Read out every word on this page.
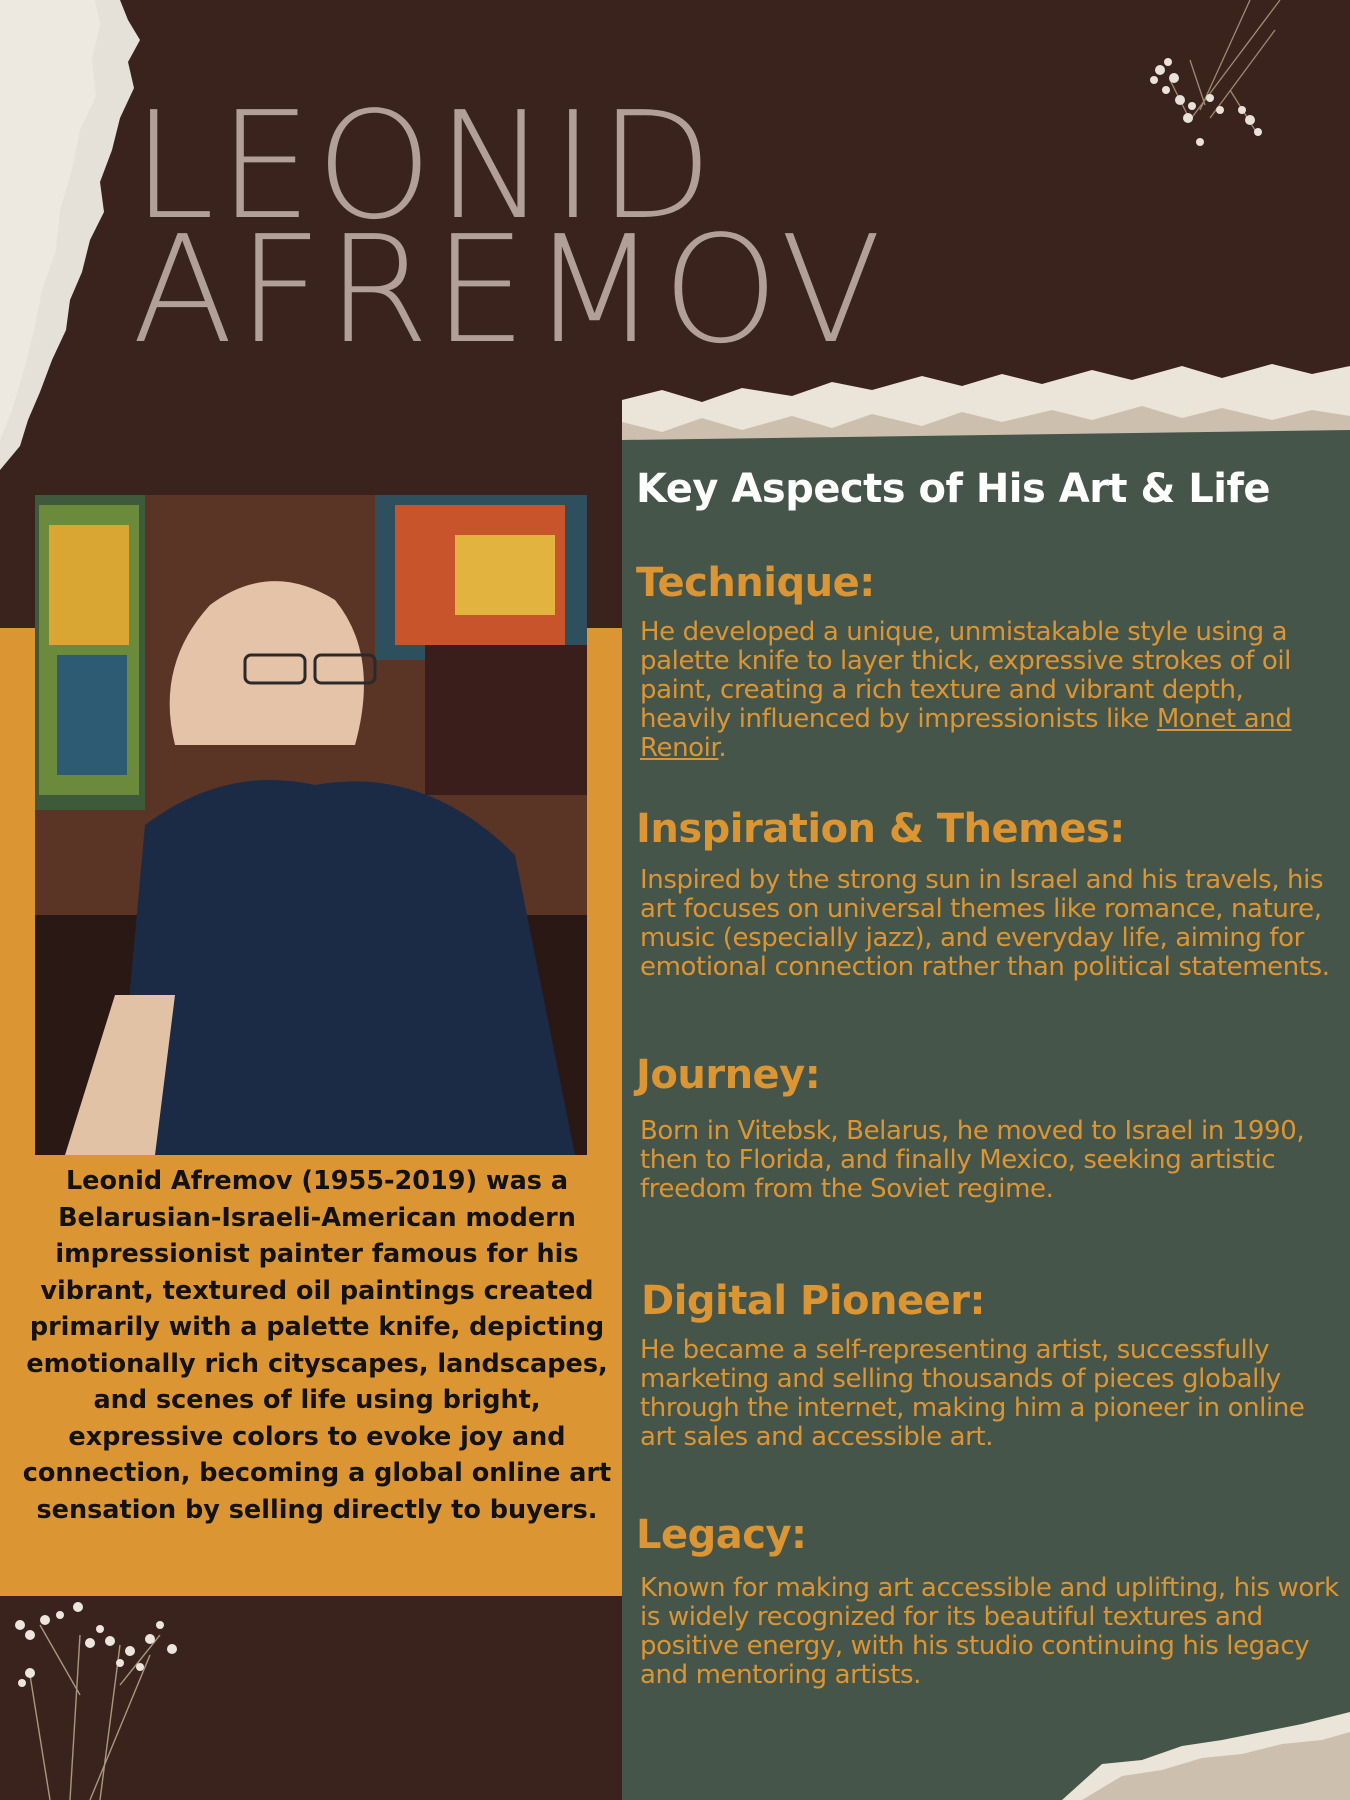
LEONID
AFREMOV
Leonid Afremov (1955-2019) was a Belarusian-Israeli-American modern impressionist painter famous for his vibrant, textured oil paintings created primarily with a palette knife, depicting emotionally rich cityscapes, landscapes, and scenes of life using bright, expressive colors to evoke joy and connection, becoming a global online art sensation by selling directly to buyers.
Key Aspects of His Art & Life
Technique:
He developed a unique, unmistakable style using a palette knife to layer thick, expressive strokes of oil paint, creating a rich texture and vibrant depth, heavily influenced by impressionists like Monet and Renoir.
Inspiration & Themes:
Inspired by the strong sun in Israel and his travels, his art focuses on universal themes like romance, nature, music (especially jazz), and everyday life, aiming for emotional connection rather than political statements.
Journey:
Born in Vitebsk, Belarus, he moved to Israel in 1990, then to Florida, and finally Mexico, seeking artistic freedom from the Soviet regime.
Digital Pioneer:
He became a self-representing artist, successfully marketing and selling thousands of pieces globally through the internet, making him a pioneer in online art sales and accessible art.
Legacy:
Known for making art accessible and uplifting, his work is widely recognized for its beautiful textures and positive energy, with his studio continuing his legacy and mentoring artists.
